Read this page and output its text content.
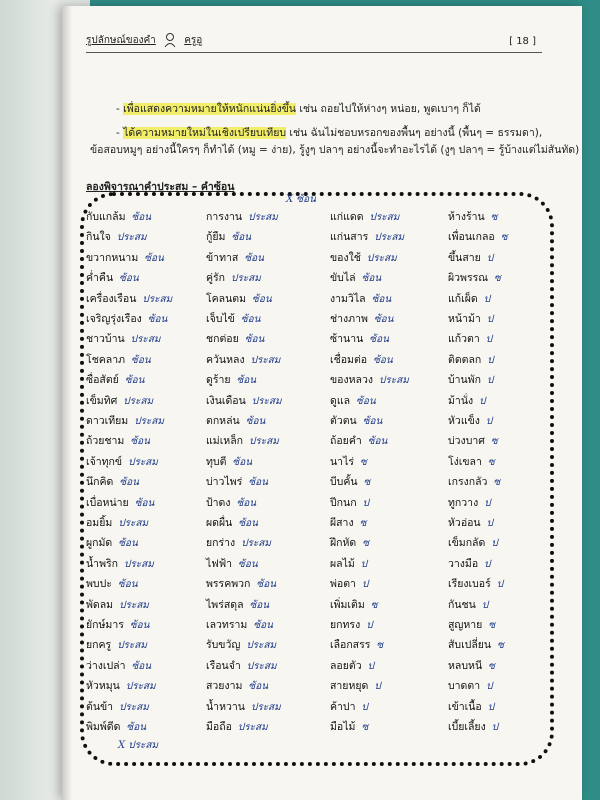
รูปลักษณ์ของคำ	ครูอู	[ 18 ]
- เพื่อแสดงความหมายให้หนักแน่นยิ่งขึ้น เช่น ถอยไปให้ห่างๆ หน่อย, พูดเบาๆ ก็ได้
- ได้ความหมายใหม่ในเชิงเปรียบเทียบ เช่น ฉันไม่ชอบหรอกของพื้นๆ อย่างนี้ (พื้นๆ = ธรรมดา),
ข้อสอบหมูๆ อย่างนี้ใครๆ ก็ทำได้ (หมู = ง่าย), รู้งูๆ ปลาๆ อย่างนี้จะทำอะไรได้ (งูๆ ปลาๆ = รู้บ้างแต่ไม่สันทัด)
ลองพิจารณาคำประสม – คำซ้อน
X ซ้อน
X ประสม
กับแกล้ม ซ้อน
กินใจ ประสม
ขวากหนาม ซ้อน
ค่ำคืน ซ้อน
เครื่องเรือน ประสม
เจริญรุ่งเรือง ซ้อน
ชาวบ้าน ประสม
โชคลาภ ซ้อน
ซื่อสัตย์ ซ้อน
เข็มทิศ ประสม
ดาวเทียม ประสม
ถ้วยชาม ซ้อน
เจ้าทุกข์ ประสม
นึกคิด ซ้อน
เบื่อหน่าย ซ้อน
อมยิ้ม ประสม
ผูกมัด ซ้อน
น้ำพริก ประสม
พบปะ ซ้อน
พัดลม ประสม
ยักษ์มาร ซ้อน
ยกครู ประสม
ว่างเปล่า ซ้อน
หัวหมุน ประสม
ต้นข้า ประสม
พิมพ์ดีด ซ้อน
การงาน ประสม
กู้ยืม ซ้อน
ข้าทาส ซ้อน
คู่รัก ประสม
โคลนตม ซ้อน
เจ็บไข้ ซ้อน
ชกต่อย ซ้อน
ควันหลง ประสม
ดูร้าย ซ้อน
เงินเดือน ประสม
ตกหล่น ซ้อน
แม่เหล็ก ประสม
ทุบตี ซ้อน
บ่าวไพร่ ซ้อน
ป้าดง ซ้อน
ผดผื่น ซ้อน
ยกร่าง ประสม
ไฟฟ้า ซ้อน
พรรคพวก ซ้อน
ไพร่สดุล ซ้อน
เลวทราม ซ้อน
รับขวัญ ประสม
เรือนจำ ประสม
สวยงาม ซ้อน
น้ำหวาน ประสม
มือถือ ประสม
แก่แดด ประสม
แก่นสาร ประสม
ของใช้ ประสม
ขับไล่ ซ้อน
งามวิไล ซ้อน
ช่างภาพ ซ้อน
ซ้านาน ซ้อน
เชื่อมต่อ ซ้อน
ของหลวง ประสม
ดูแล ซ้อน
ตัวตน ซ้อน
ถ้อยคำ ซ้อน
นาไร่ ซ
บีบคั้น ซ
ปีกนก ป
ผีสาง ซ
ฝึกหัด ซ
ผลไม้ ป
พ่อตา ป
เพิ่มเติม ซ
ยกทรง ป
เลือกสรร ซ
ลอยตัว ป
สายหยุด ป
ค้าปา ป
มือไม้ ซ
ห้างร้าน ซ
เพื่อนเกลอ ซ
ขึ้นสาย ป
ผิวพรรณ ซ
แก้เผ็ด ป
หน้าม้า ป
แก้วตา ป
ติดตลก ป
บ้านพัก ป
ม้านั่ง ป
หัวแข็ง ป
บ่วงบาศ ซ
โง่เขลา ซ
เกรงกลัว ซ
ทูกวาง ป
หัวอ่อน ป
เข็มกลัด ป
วางมือ ป
เรียงเบอร์ ป
กันชน ป
สูญหาย ซ
สับเปลี่ยน ซ
หลบหนี ซ
บาดตา ป
เข้าเนื้อ ป
เบี้ยเลี้ยง ป
